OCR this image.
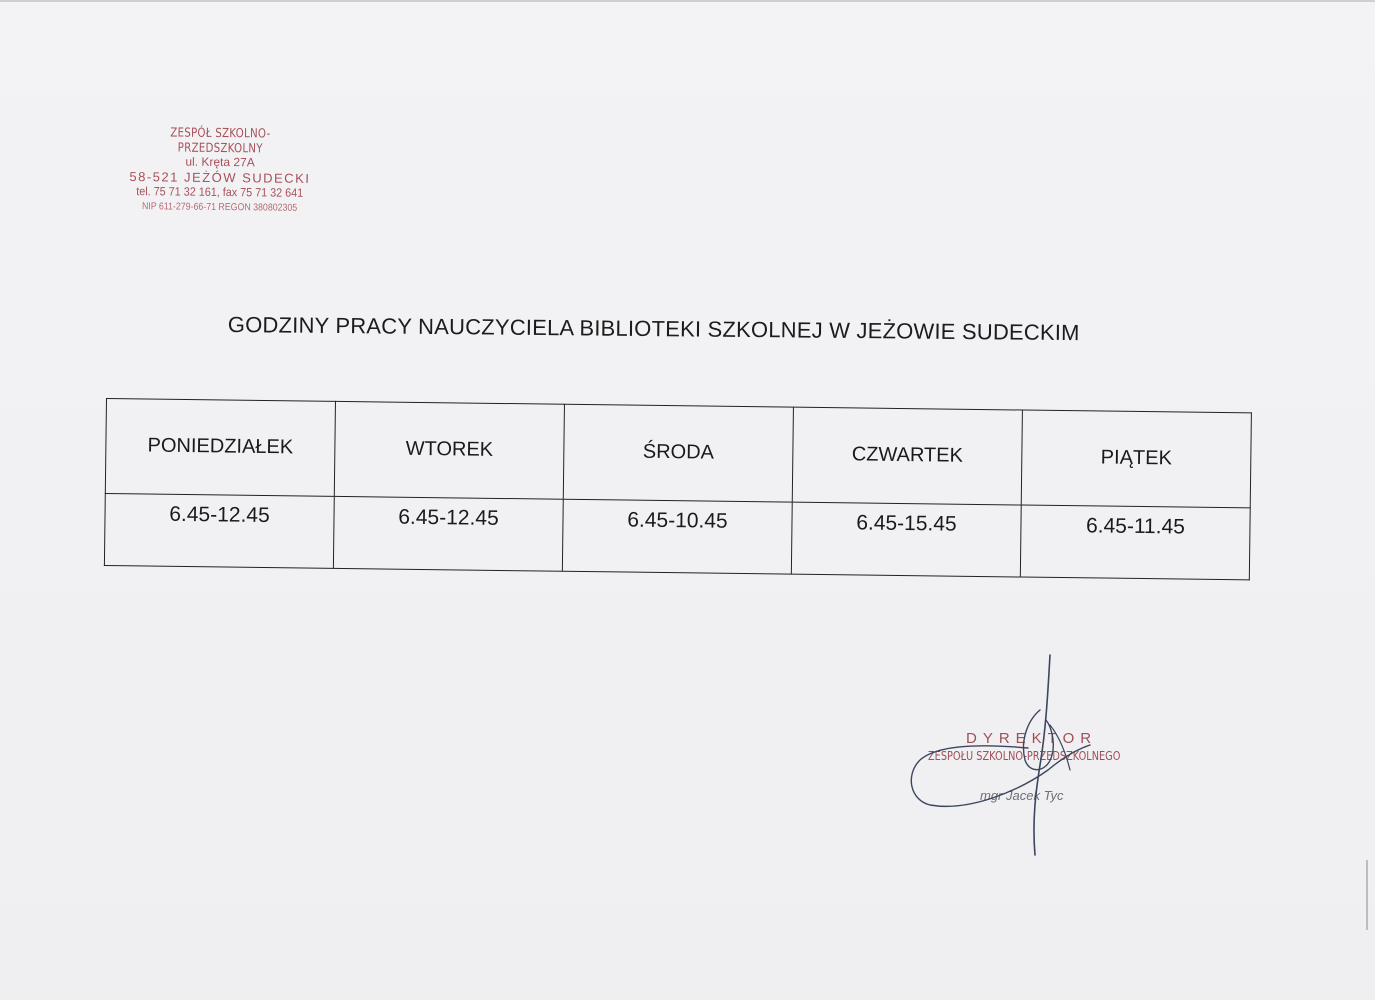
ZESPÓŁ SZKOLNO-PRZEDSZKOLNY
ul. Kręta 27A
58-521 JEŻÓW SUDECKI
tel. 75 71 32 161, fax 75 71 32 641
NIP 611-279-66-71 REGON 380802305
GODZINY PRACY NAUCZYCIELA BIBLIOTEKI SZKOLNEJ W JEŻOWIE SUDECKIM
PONIEDZIAŁEK	WTOREK	ŚRODA	CZWARTEK	PIĄTEK
6.45-12.45	6.45-12.45	6.45-10.45	6.45-15.45	6.45-11.45
DYREKTOR
ZESPOŁU SZKOLNO-PRZEDSZKOLNEGO
mgr Jacek Tyc
